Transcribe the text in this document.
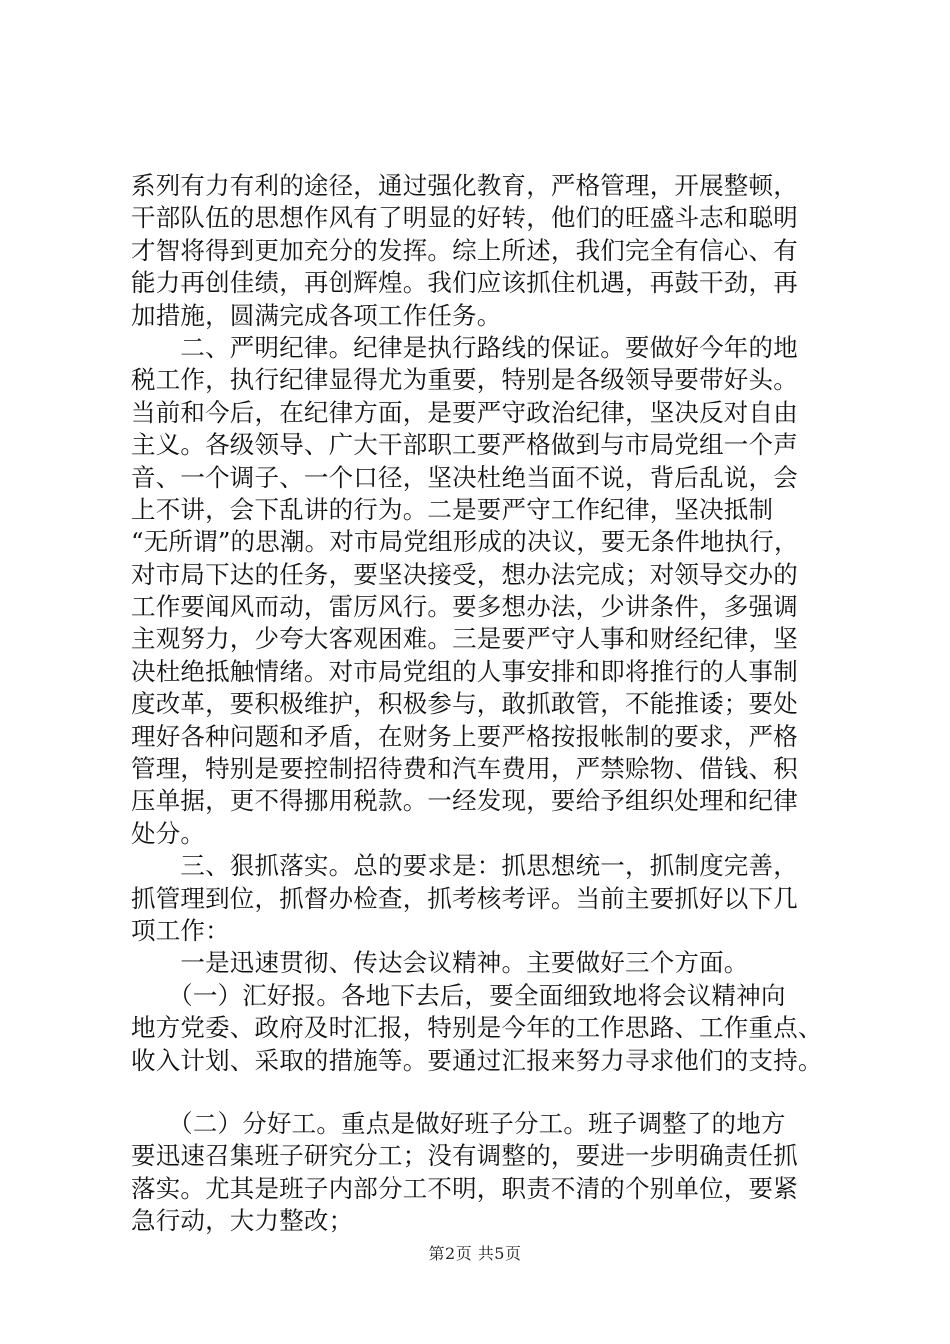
系列有力有利的途径，通过强化教育，严格管理，开展整顿，
干部队伍的思想作风有了明显的好转，他们的旺盛斗志和聪明
才智将得到更加充分的发挥。综上所述，我们完全有信心、有
能力再创佳绩，再创辉煌。我们应该抓住机遇，再鼓干劲，再
加措施，圆满完成各项工作任务。
　　二、严明纪律。纪律是执行路线的保证。要做好今年的地
税工作，执行纪律显得尤为重要，特别是各级领导要带好头。
当前和今后，在纪律方面，是要严守政治纪律，坚决反对自由
主义。各级领导、广大干部职工要严格做到与市局党组一个声
音、一个调子、一个口径，坚决杜绝当面不说，背后乱说，会
上不讲，会下乱讲的行为。二是要严守工作纪律，坚决抵制
“无所谓”的思潮。对市局党组形成的决议，要无条件地执行，
对市局下达的任务，要坚决接受，想办法完成；对领导交办的
工作要闻风而动，雷厉风行。要多想办法，少讲条件，多强调
主观努力，少夸大客观困难。三是要严守人事和财经纪律，坚
决杜绝抵触情绪。对市局党组的人事安排和即将推行的人事制
度改革，要积极维护，积极参与，敢抓敢管，不能推诿；要处
理好各种问题和矛盾，在财务上要严格按报帐制的要求，严格
管理，特别是要控制招待费和汽车费用，严禁赊物、借钱、积
压单据，更不得挪用税款。一经发现，要给予组织处理和纪律
处分。
　　三、狠抓落实。总的要求是：抓思想统一，抓制度完善，
抓管理到位，抓督办检查，抓考核考评。当前主要抓好以下几
项工作：
　　一是迅速贯彻、传达会议精神。主要做好三个方面。
　　（一）汇好报。各地下去后，要全面细致地将会议精神向
地方党委、政府及时汇报，特别是今年的工作思路、工作重点、
收入计划、采取的措施等。要通过汇报来努力寻求他们的支持。
　　（二）分好工。重点是做好班子分工。班子调整了的地方
要迅速召集班子研究分工；没有调整的，要进一步明确责任抓
落实。尤其是班子内部分工不明，职责不清的个别单位，要紧
急行动，大力整改；
第2页 共5页
